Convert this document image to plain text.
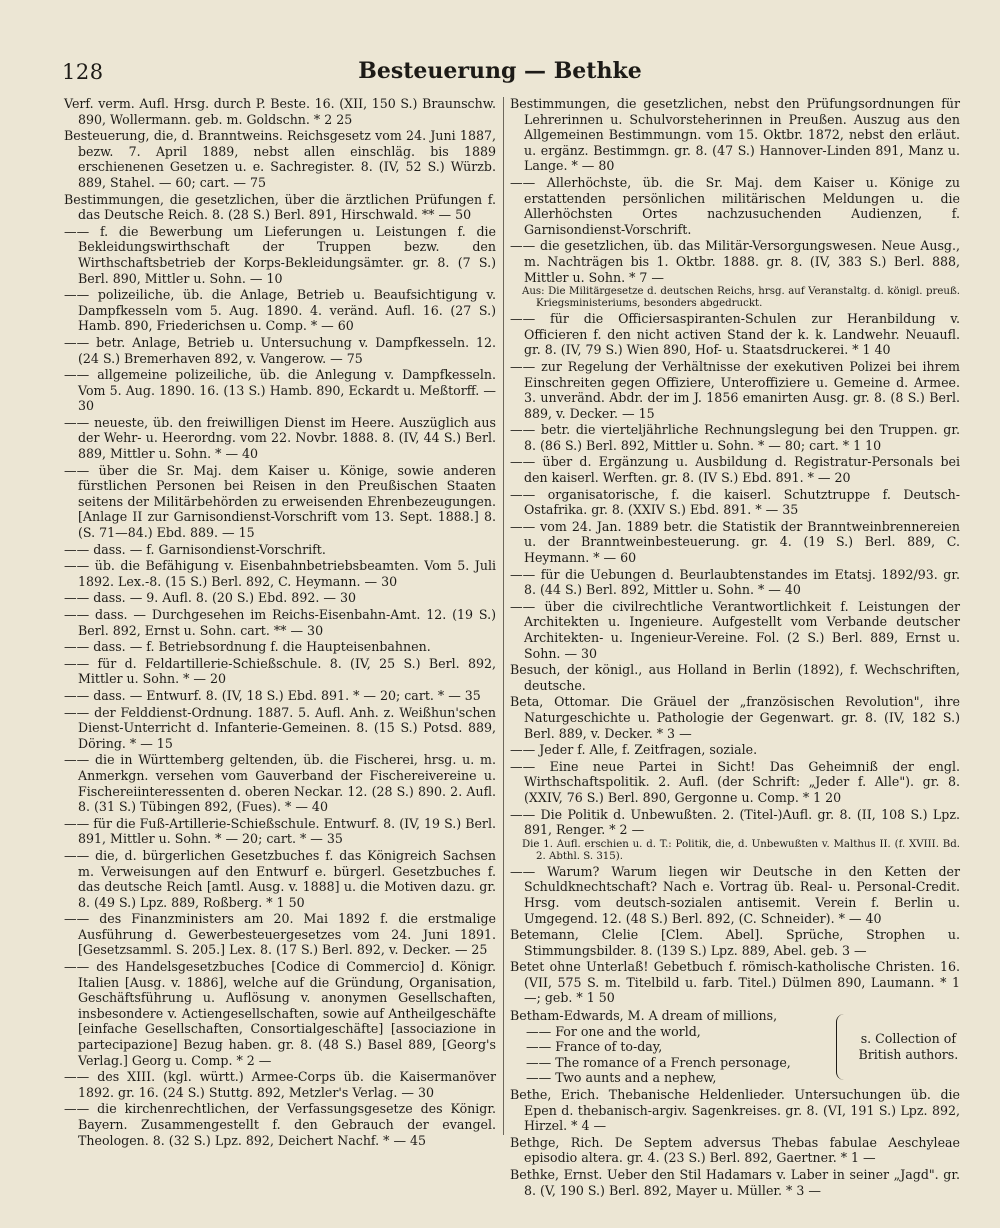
128	Besteuerung — Bethke
Verf. verm. Aufl. Hrsg. durch P. Beste. 16. (XII, 150 S.) Braunschw. 890, Wollermann. geb. m. Goldschn. * 2 25
Besteuerung, die, d. Branntweins. Reichsgesetz vom 24. Juni 1887, bezw. 7. April 1889, nebst allen einschläg. bis 1889 erschienenen Gesetzen u. e. Sachregister. 8. (IV, 52 S.) Würzb. 889, Stahel. — 60; cart. — 75
Bestimmungen, die gesetzlichen, über die ärztlichen Prüfungen f. das Deutsche Reich. 8. (28 S.) Berl. 891, Hirschwald. ** — 50
—— f. die Bewerbung um Lieferungen u. Leistungen f. die Bekleidungswirthschaft der Truppen bezw. den Wirthschaftsbetrieb der Korps-Bekleidungsämter. gr. 8. (7 S.) Berl. 890, Mittler u. Sohn. — 10
—— polizeiliche, üb. die Anlage, Betrieb u. Beaufsichtigung v. Dampfkesseln vom 5. Aug. 1890. 4. veränd. Aufl. 16. (27 S.) Hamb. 890, Friederichsen u. Comp. * — 60
—— betr. Anlage, Betrieb u. Untersuchung v. Dampfkesseln. 12. (24 S.) Bremerhaven 892, v. Vangerow. — 75
—— allgemeine polizeiliche, üb. die Anlegung v. Dampfkesseln. Vom 5. Aug. 1890. 16. (13 S.) Hamb. 890, Eckardt u. Meßtorff. — 30
—— neueste, üb. den freiwilligen Dienst im Heere. Auszüglich aus der Wehr- u. Heerordng. vom 22. Novbr. 1888. 8. (IV, 44 S.) Berl. 889, Mittler u. Sohn. * — 40
—— über die Sr. Maj. dem Kaiser u. Könige, sowie anderen fürstlichen Personen bei Reisen in den Preußischen Staaten seitens der Militärbehörden zu erweisenden Ehrenbezeugungen. [Anlage II zur Garnisondienst-Vorschrift vom 13. Sept. 1888.] 8. (S. 71—84.) Ebd. 889. — 15
—— dass. — f. Garnisondienst-Vorschrift.
—— üb. die Befähigung v. Eisenbahnbetriebsbeamten. Vom 5. Juli 1892. Lex.-8. (15 S.) Berl. 892, C. Heymann. — 30
—— dass. — 9. Aufl. 8. (20 S.) Ebd. 892. — 30
—— dass. — Durchgesehen im Reichs-Eisenbahn-Amt. 12. (19 S.) Berl. 892, Ernst u. Sohn. cart. ** — 30
—— dass. — f. Betriebsordnung f. die Haupteisenbahnen.
—— für d. Feldartillerie-Schießschule. 8. (IV, 25 S.) Berl. 892, Mittler u. Sohn. * — 20
—— dass. — Entwurf. 8. (IV, 18 S.) Ebd. 891. * — 20; cart. * — 35
—— der Felddienst-Ordnung. 1887. 5. Aufl. Anh. z. Weißhun'schen Dienst-Unterricht d. Infanterie-Gemeinen. 8. (15 S.) Potsd. 889, Döring. * — 15
—— die in Württemberg geltenden, üb. die Fischerei, hrsg. u. m. Anmerkgn. versehen vom Gauverband der Fischereivereine u. Fischereiinteressenten d. oberen Neckar. 12. (28 S.) 890. 2. Aufl. 8. (31 S.) Tübingen 892, (Fues). * — 40
—— für die Fuß-Artillerie-Schießschule. Entwurf. 8. (IV, 19 S.) Berl. 891, Mittler u. Sohn. * — 20; cart. * — 35
—— die, d. bürgerlichen Gesetzbuches f. das Königreich Sachsen m. Verweisungen auf den Entwurf e. bürgerl. Gesetzbuches f. das deutsche Reich [amtl. Ausg. v. 1888] u. die Motiven dazu. gr. 8. (49 S.) Lpz. 889, Roßberg. * 1 50
—— des Finanzministers am 20. Mai 1892 f. die erstmalige Ausführung d. Gewerbesteuergesetzes vom 24. Juni 1891. [Gesetzsamml. S. 205.] Lex. 8. (17 S.) Berl. 892, v. Decker. — 25
—— des Handelsgesetzbuches [Codice di Commercio] d. Königr. Italien [Ausg. v. 1886], welche auf die Gründung, Organisation, Geschäftsführung u. Auflösung v. anonymen Gesellschaften, insbesondere v. Actiengesellschaften, sowie auf Antheilgeschäfte [einfache Gesellschaften, Consortialgeschäfte] [associazione in partecipazione] Bezug haben. gr. 8. (48 S.) Basel 889, [Georg's Verlag.] Georg u. Comp. * 2 —
—— des XIII. (kgl. württ.) Armee-Corps üb. die Kaisermanöver 1892. gr. 16. (24 S.) Stuttg. 892, Metzler's Verlag. — 30
—— die kirchenrechtlichen, der Verfassungsgesetze des Königr. Bayern. Zusammengestellt f. den Gebrauch der evangel. Theologen. 8. (32 S.) Lpz. 892, Deichert Nachf. * — 45
Bestimmungen, die gesetzlichen, nebst den Prüfungsordnungen für Lehrerinnen u. Schulvorsteherinnen in Preußen. Auszug aus den Allgemeinen Bestimmungn. vom 15. Oktbr. 1872, nebst den erläut. u. ergänz. Bestimmgn. gr. 8. (47 S.) Hannover-Linden 891, Manz u. Lange. * — 80
—— Allerhöchste, üb. die Sr. Maj. dem Kaiser u. Könige zu erstattenden persönlichen militärischen Meldungen u. die Allerhöchsten Ortes nachzusuchenden Audienzen, f. Garnisondienst-Vorschrift.
—— die gesetzlichen, üb. das Militär-Versorgungswesen. Neue Ausg., m. Nachträgen bis 1. Oktbr. 1888. gr. 8. (IV, 383 S.) Berl. 888, Mittler u. Sohn. * 7 —
Aus: Die Militärgesetze d. deutschen Reichs, hrsg. auf Veranstaltg. d. königl. preuß. Kriegsministeriums, besonders abgedruckt.
—— für die Officiersaspiranten-Schulen zur Heranbildung v. Officieren f. den nicht activen Stand der k. k. Landwehr. Neuaufl. gr. 8. (IV, 79 S.) Wien 890, Hof- u. Staatsdruckerei. * 1 40
—— zur Regelung der Verhältnisse der exekutiven Polizei bei ihrem Einschreiten gegen Offiziere, Unteroffiziere u. Gemeine d. Armee. 3. unveränd. Abdr. der im J. 1856 emanirten Ausg. gr. 8. (8 S.) Berl. 889, v. Decker. — 15
—— betr. die vierteljährliche Rechnungslegung bei den Truppen. gr. 8. (86 S.) Berl. 892, Mittler u. Sohn. * — 80; cart. * 1 10
—— über d. Ergänzung u. Ausbildung d. Registratur-Personals bei den kaiserl. Werften. gr. 8. (IV S.) Ebd. 891. * — 20
—— organisatorische, f. die kaiserl. Schutztruppe f. Deutsch-Ostafrika. gr. 8. (XXIV S.) Ebd. 891. * — 35
—— vom 24. Jan. 1889 betr. die Statistik der Branntweinbrennereien u. der Branntweinbesteuerung. gr. 4. (19 S.) Berl. 889, C. Heymann. * — 60
—— für die Uebungen d. Beurlaubtenstandes im Etatsj. 1892/93. gr. 8. (44 S.) Berl. 892, Mittler u. Sohn. * — 40
—— über die civilrechtliche Verantwortlichkeit f. Leistungen der Architekten u. Ingenieure. Aufgestellt vom Verbande deutscher Architekten- u. Ingenieur-Vereine. Fol. (2 S.) Berl. 889, Ernst u. Sohn. — 30
Besuch, der königl., aus Holland in Berlin (1892), f. Wechschriften, deutsche.
Beta, Ottomar. Die Gräuel der „französischen Revolution", ihre Naturgeschichte u. Pathologie der Gegenwart. gr. 8. (IV, 182 S.) Berl. 889, v. Decker. * 3 —
—— Jeder f. Alle, f. Zeitfragen, soziale.
—— Eine neue Partei in Sicht! Das Geheimniß der engl. Wirthschaftspolitik. 2. Aufl. (der Schrift: „Jeder f. Alle"). gr. 8. (XXIV, 76 S.) Berl. 890, Gergonne u. Comp. * 1 20
—— Die Politik d. Unbewußten. 2. (Titel-)Aufl. gr. 8. (II, 108 S.) Lpz. 891, Renger. * 2 —
Die 1. Aufl. erschien u. d. T.: Politik, die, d. Unbewußten v. Malthus II. (f. XVIII. Bd. 2. Abthl. S. 315).
—— Warum? Warum liegen wir Deutsche in den Ketten der Schuldknechtschaft? Nach e. Vortrag üb. Real- u. Personal-Credit. Hrsg. vom deutsch-sozialen antisemit. Verein f. Berlin u. Umgegend. 12. (48 S.) Berl. 892, (C. Schneider). * — 40
Betemann, Clelie [Clem. Abel]. Sprüche, Strophen u. Stimmungsbilder. 8. (139 S.) Lpz. 889, Abel. geb. 3 —
Betet ohne Unterlaß! Gebetbuch f. römisch-katholische Christen. 16. (VII, 575 S. m. Titelbild u. farb. Titel.) Dülmen 890, Laumann. * 1 —; geb. * 1 50
Betham-Edwards, M. A dream of millions,
—— For one and the world,
—— France of to-day,
—— The romance of a French personage,
—— Two aunts and a nephew,
s. Collection of British authors.
Bethe, Erich. Thebanische Heldenlieder. Untersuchungen üb. die Epen d. thebanisch-argiv. Sagenkreises. gr. 8. (VI, 191 S.) Lpz. 892, Hirzel. * 4 —
Bethge, Rich. De Septem adversus Thebas fabulae Aeschyleae episodio altera. gr. 4. (23 S.) Berl. 892, Gaertner. * 1 —
Bethke, Ernst. Ueber den Stil Hadamars v. Laber in seiner „Jagd". gr. 8. (V, 190 S.) Berl. 892, Mayer u. Müller. * 3 —
